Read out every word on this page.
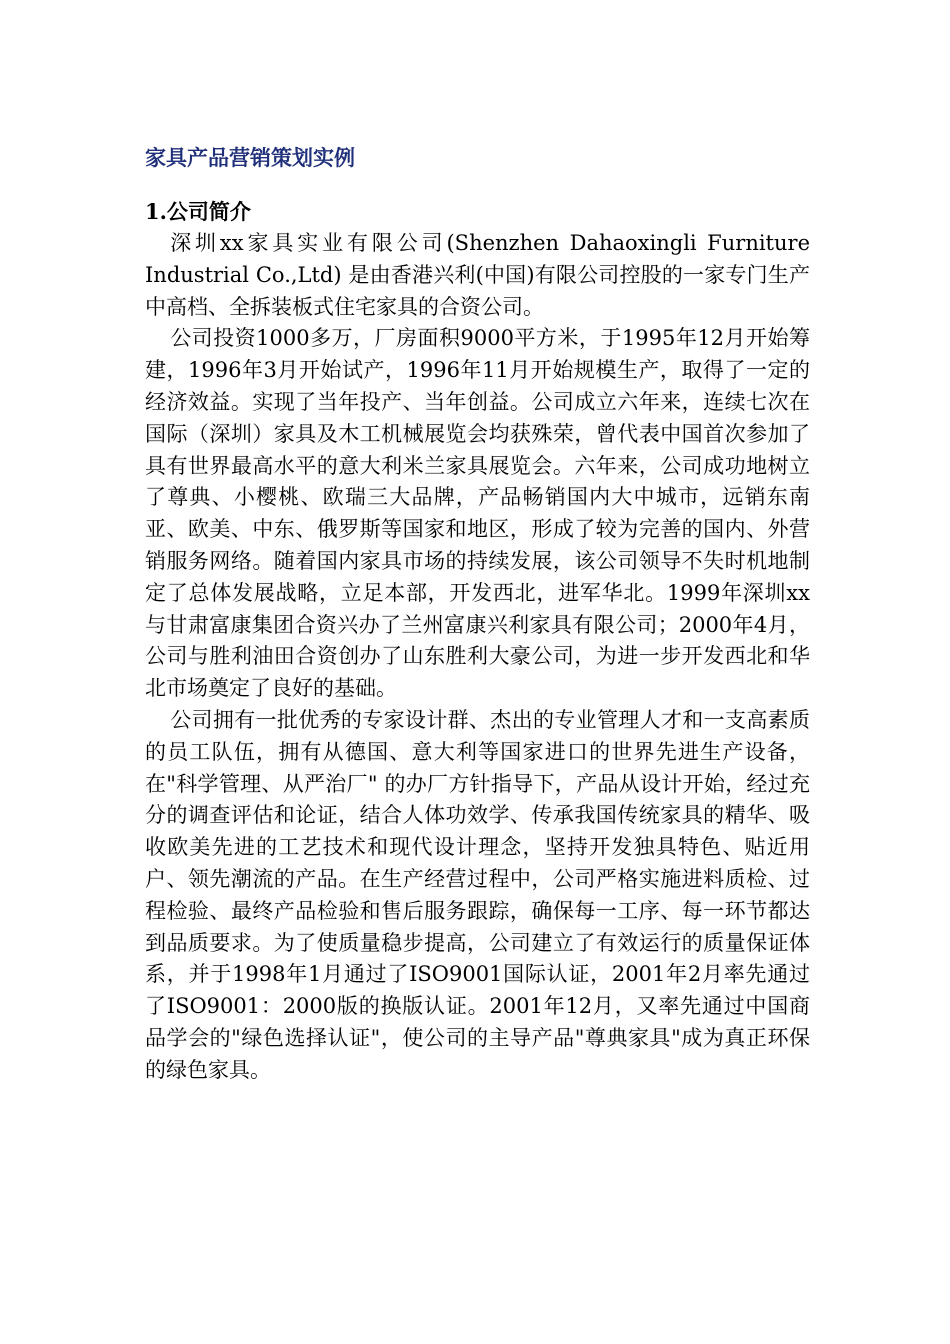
家具产品营销策划实例
1.公司简介

深圳xx家具实业有限公司(Shenzhen Dahaoxingli Furniture Industrial Co.,Ltd) 是由香港兴利(中国)有限公司控股的一家专门生产中高档、全拆装板式住宅家具的合资公司。

公司投资1000多万，厂房面积9000平方米，于1995年12月开始筹建，1996年3月开始试产，1996年11月开始规模生产，取得了一定的经济效益。实现了当年投产、当年创益。公司成立六年来，连续七次在国际（深圳）家具及木工机械展览会均获殊荣，曾代表中国首次参加了具有世界最高水平的意大利米兰家具展览会。六年来，公司成功地树立了尊典、小樱桃、欧瑞三大品牌，产品畅销国内大中城市，远销东南亚、欧美、中东、俄罗斯等国家和地区，形成了较为完善的国内、外营销服务网络。随着国内家具市场的持续发展，该公司领导不失时机地制定了总体发展战略，立足本部，开发西北，进军华北。1999年深圳xx与甘肃富康集团合资兴办了兰州富康兴利家具有限公司；2000年4月，公司与胜利油田合资创办了山东胜利大豪公司，为进一步开发西北和华北市场奠定了良好的基础。

公司拥有一批优秀的专家设计群、杰出的专业管理人才和一支高素质的员工队伍，拥有从德国、意大利等国家进口的世界先进生产设备，在"科学管理、从严治厂" 的办厂方针指导下，产品从设计开始，经过充分的调查评估和论证，结合人体功效学、传承我国传统家具的精华、吸收欧美先进的工艺技术和现代设计理念，坚持开发独具特色、贴近用户、领先潮流的产品。在生产经营过程中，公司严格实施进料质检、过程检验、最终产品检验和售后服务跟踪，确保每一工序、每一环节都达到品质要求。为了使质量稳步提高，公司建立了有效运行的质量保证体系，并于1998年1月通过了ISO9001国际认证，2001年2月率先通过了ISO9001：2000版的换版认证。2001年12月，又率先通过中国商品学会的"绿色选择认证"，使公司的主导产品"尊典家具"成为真正环保的绿色家具。
